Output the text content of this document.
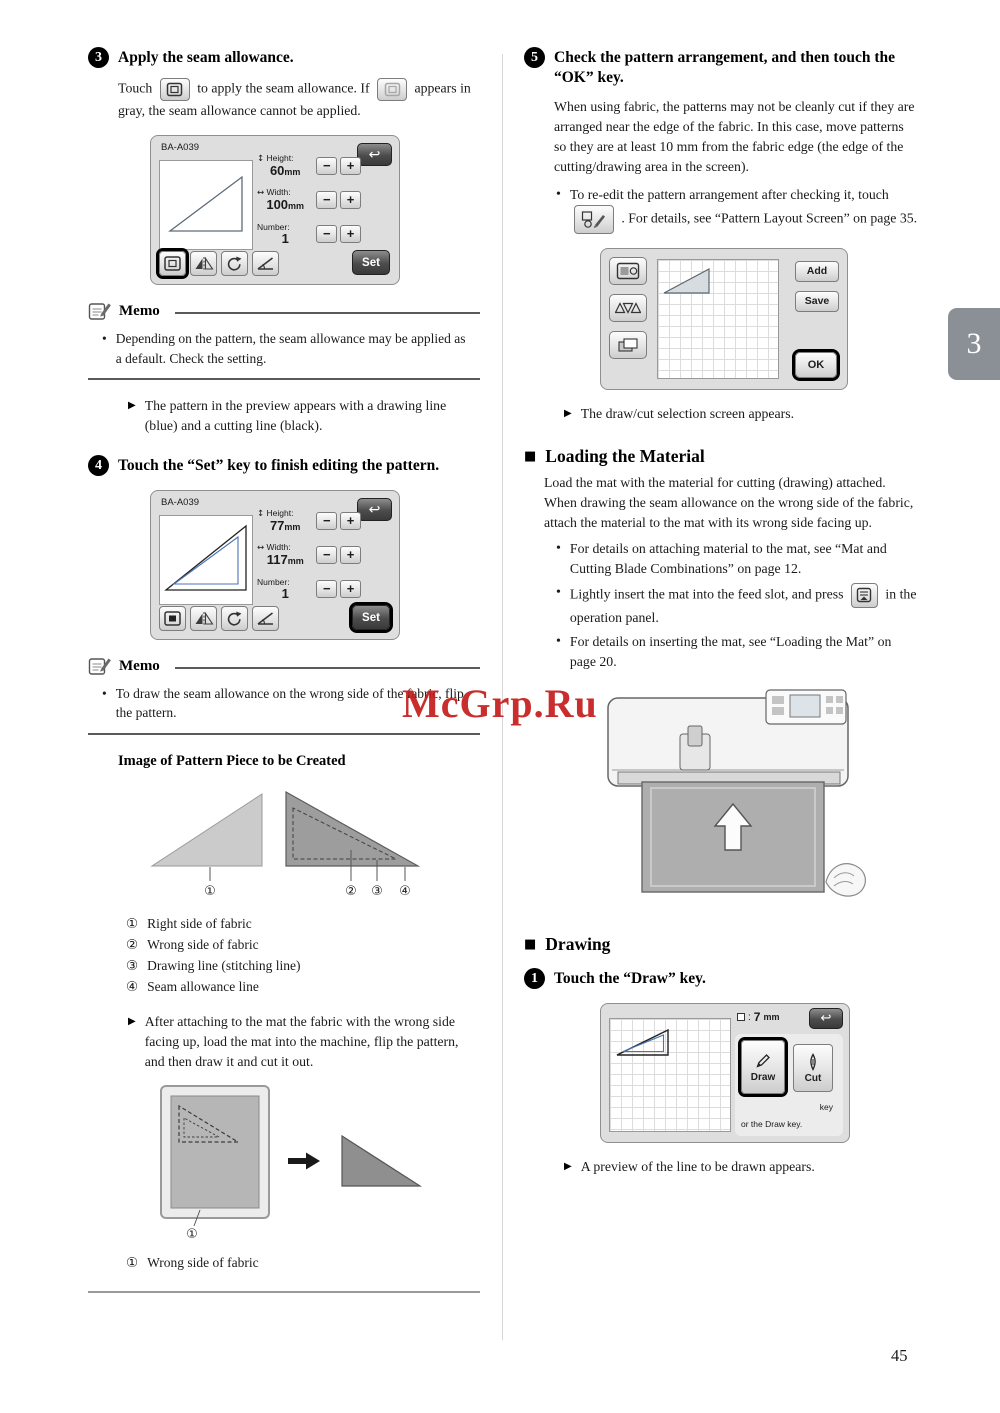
McGrp.Ru
3
45
3	Apply the seam allowance.

Touch	to apply the seam allowance. If	appears in gray, the seam allowance cannot be applied.

BA-A039	↩
↕ Height:
60mm	− +
↔ Width:
100mm	− +
Number:
1	− +
Set
Memo
• Depending on the pattern, the seam allowance may be applied as a default. Check the setting.
▶ The pattern in the preview appears with a drawing line (blue) and a cutting line (black).
4	Touch the “Set” key to finish editing the pattern.
BA-A039	↩
↕ Height:
77mm	− +
↔ Width:
117mm	− +
Number:
1	− +
Set
Memo
• To draw the seam allowance on the wrong side of the fabric, flip the pattern.
Image of Pattern Piece to be Created
①	② ③ ④
① Right side of fabric
② Wrong side of fabric
③ Drawing line (stitching line)
④ Seam allowance line
▶ After attaching to the mat the fabric with the wrong side facing up, load the mat into the machine, flip the pattern, and then draw it and cut it out.
①
① Wrong side of fabric
5	Check the pattern arrangement, and then touch the “OK” key.

When using fabric, the patterns may not be cleanly cut if they are arranged near the edge of the fabric. In this case, move patterns so they are at least 10 mm from the fabric edge (the edge of the cutting/drawing area in the screen).

• To re-edit the pattern arrangement after checking it, touch
. For details, see “Pattern Layout Screen” on page 35.
Add
Save
OK
▶ The draw/cut selection screen appears.
■ Loading the Material

Load the mat with the material for cutting (drawing) attached.

When drawing the seam allowance on the wrong side of the fabric, attach the material to the mat with its wrong side facing up.

• For details on attaching material to the mat, see “Mat and Cutting Blade Combinations” on page 12.
• Lightly insert the mat into the feed slot, and press	in the operation panel.
• For details on inserting the mat, see “Loading the Mat” on page 20.
■ Drawing
1	Touch the “Draw” key.
: 7 mm	↩
Draw	Cut
key
or the Draw key.
▶ A preview of the line to be drawn appears.
